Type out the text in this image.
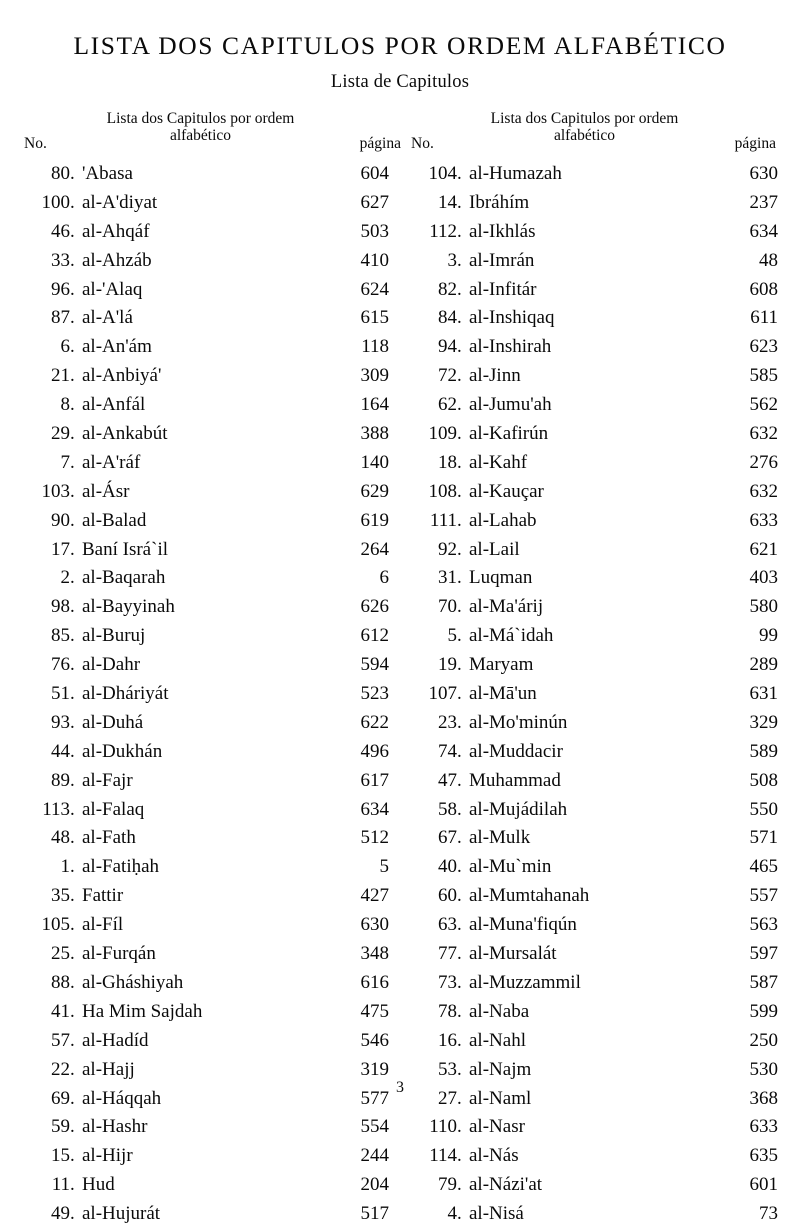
LISTA DOS CAPITULOS POR ORDEM ALFABÉTICO
Lista de Capitulos
Lista dos Capitulos por ordem
alfabético
No.	página
Lista dos Capitulos por ordem
alfabético
No.	página
80 . 'Abasa	604
100 . al-A'diyat	627
46 . al-Ahqáf	503
33 . al-Ahzáb	410
96 . al-'Alaq	624
87 . al-A'lá	615
6 . al-An'ám	118
21 . al-Anbiyá'	309
8 . al-Anfál	164
29 . al-Ankabút	388
7 . al-A'ráf	140
103 . al-Ásr	629
90 . al-Balad	619
17 . Baní Isrá`il	264
2 . al-Baqarah	6
98 . al-Bayyinah	626
85 . al-Buruj	612
76 . al-Dahr	594
51 . al-Dháriyát	523
93 . al-Duhá	622
44 . al-Dukhán	496
89 . al-Fajr	617
113 . al-Falaq	634
48 . al-Fath	512
1 . al-Fatiḥah	5
35 . Fattir	427
105 . al-Fíl	630
25 . al-Furqán	348
88 . al-Gháshiyah	616
41 . Ha Mim Sajdah	475
57 . al-Hadíd	546
22 . al-Hajj	319
69 . al-Háqqah	577
59 . al-Hashr	554
15 . al-Hijr	244
11 . Hud	204
49 . al-Hujurát	517
104 . al-Humazah	630
14 . Ibráhím	237
112 . al-Ikhlás	634
3 . al-Imrán	48
82 . al-Infitár	608
84 . al-Inshiqaq	611
94 . al-Inshirah	623
72 . al-Jinn	585
62 . al-Jumu'ah	562
109 . al-Kafirún	632
18 . al-Kahf	276
108 . al-Kauçar	632
111 . al-Lahab	633
92 . al-Lail	621
31 . Luqman	403
70 . al-Ma'árij	580
5 . al-Má`idah	99
19 . Maryam	289
107 . al-Mā'un	631
23 . al-Mo'minún	329
74 . al-Muddacir	589
47 . Muhammad	508
58 . al-Mujádilah	550
67 . al-Mulk	571
40 . al-Mu`min	465
60 . al-Mumtahanah	557
63 . al-Muna'fiqún	563
77 . al-Mursalát	597
73 . al-Muzzammil	587
78 . al-Naba	599
16 . al-Nahl	250
53 . al-Najm	530
27 . al-Naml	368
110 . al-Nasr	633
114 . al-Nás	635
79 . al-Názi'at	601
4 . al-Nisá	73
3
